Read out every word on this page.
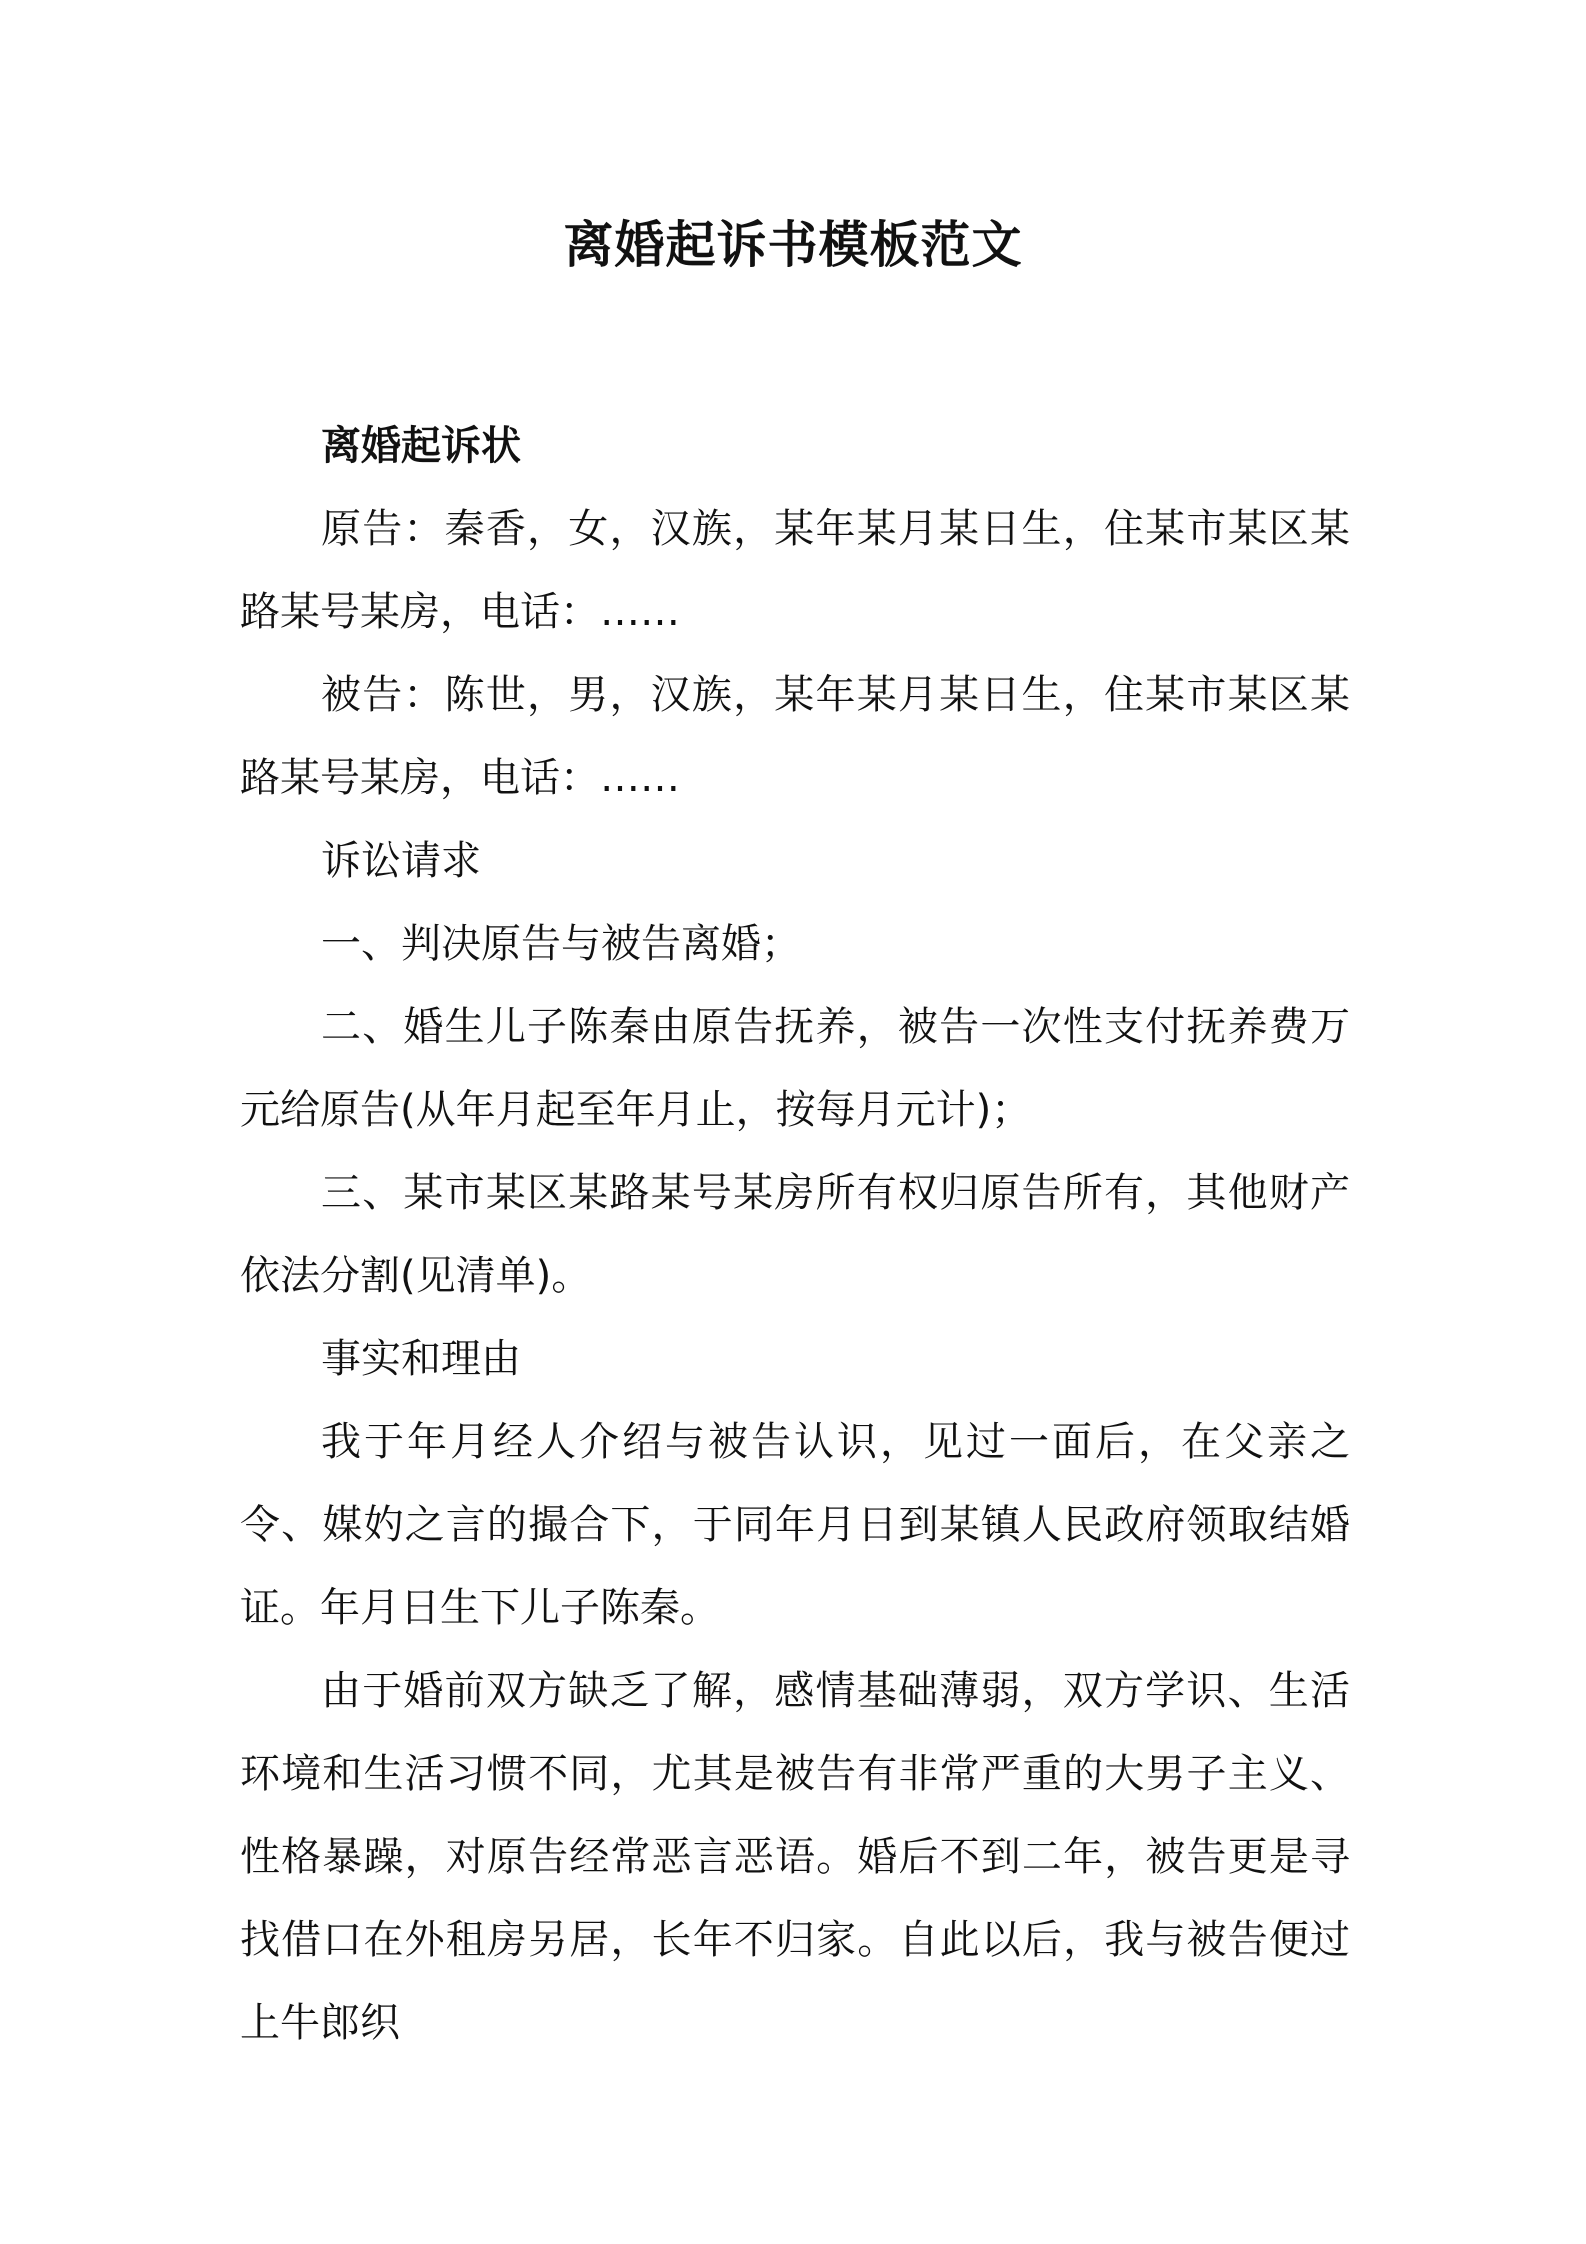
离婚起诉书模板范文

离婚起诉状

原告：秦香，女，汉族，某年某月某日生，住某市某区某路某号某房，电话：……

被告：陈世，男，汉族，某年某月某日生，住某市某区某路某号某房，电话：……

诉讼请求

一、判决原告与被告离婚；

二、婚生儿子陈秦由原告抚养，被告一次性支付抚养费万元给原告(从年月起至年月止，按每月元计)；

三、某市某区某路某号某房所有权归原告所有，其他财产依法分割(见清单)。

事实和理由

我于年月经人介绍与被告认识，见过一面后，在父亲之令、媒妁之言的撮合下，于同年月日到某镇人民政府领取结婚证。年月日生下儿子陈秦。

由于婚前双方缺乏了解，感情基础薄弱，双方学识、生活环境和生活习惯不同，尤其是被告有非常严重的大男子主义、性格暴躁，对原告经常恶言恶语。婚后不到二年，被告更是寻找借口在外租房另居，长年不归家。自此以后，我与被告便过上牛郎织
